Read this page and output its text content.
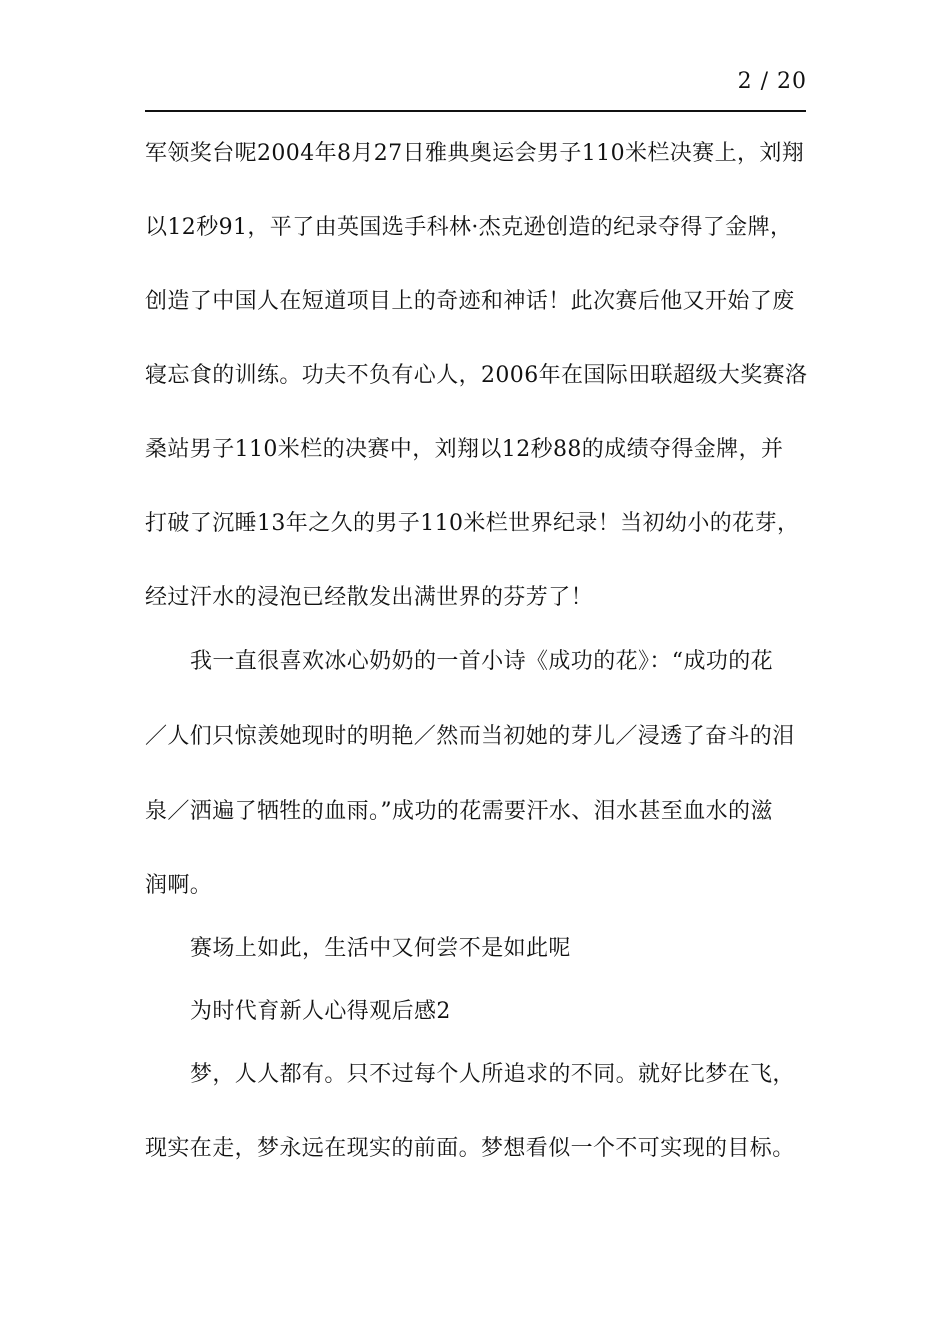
2 / 20
军领奖台呢2004年8月27日雅典奥运会男子110米栏决赛上，刘翔
以12秒91，平了由英国选手科林·杰克逊创造的纪录夺得了金牌，
创造了中国人在短道项目上的奇迹和神话！此次赛后他又开始了废
寝忘食的训练。功夫不负有心人，2006年在国际田联超级大奖赛洛
桑站男子110米栏的决赛中，刘翔以12秒88的成绩夺得金牌，并
打破了沉睡13年之久的男子110米栏世界纪录！当初幼小的花芽，
经过汗水的浸泡已经散发出满世界的芬芳了！
我一直很喜欢冰心奶奶的一首小诗《成功的花》：“成功的花
／人们只惊羡她现时的明艳／然而当初她的芽儿／浸透了奋斗的泪
泉／洒遍了牺牲的血雨。”成功的花需要汗水、泪水甚至血水的滋
润啊。
赛场上如此，生活中又何尝不是如此呢
为时代育新人心得观后感2
梦，人人都有。只不过每个人所追求的不同。就好比梦在飞，
现实在走，梦永远在现实的前面。梦想看似一个不可实现的目标。
